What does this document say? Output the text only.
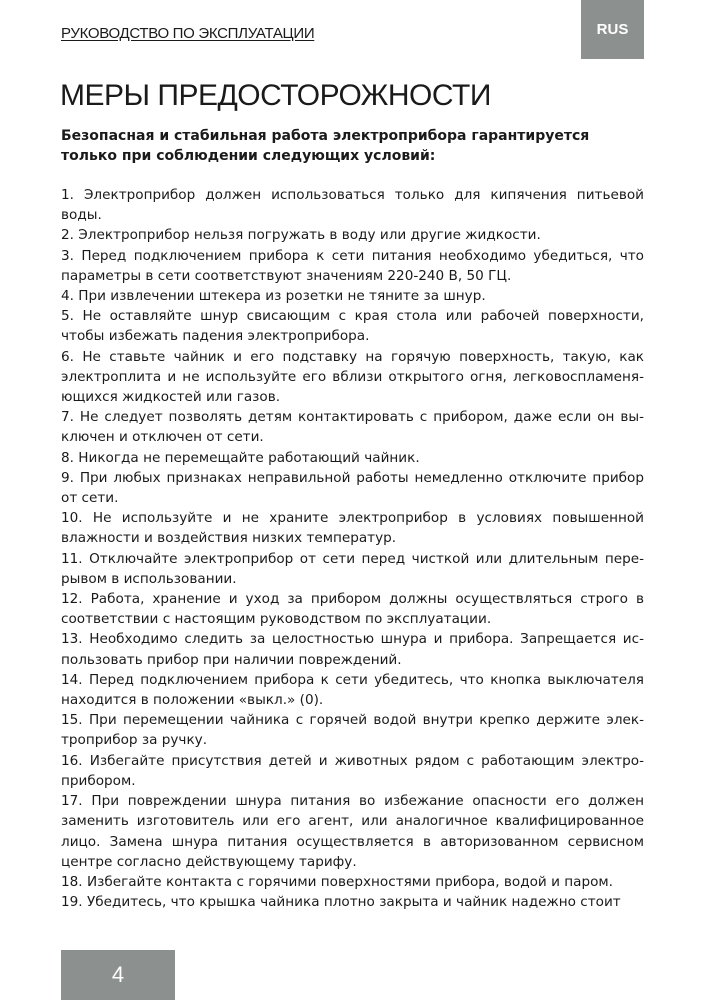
РУКОВОДСТВО ПО ЭКСПЛУАТАЦИИ	RUS
МЕРЫ ПРЕДОСТОРОЖНОСТИ

Безопасная и стабильная работа электроприбора гарантируется только при соблюдении следующих условий:

1. Электроприбор должен использоваться только для кипячения питьевой воды.
2. Электроприбор нельзя погружать в воду или другие жидкости.
3. Перед подключением прибора к сети питания необходимо убедиться, что параметры в сети соответствуют значениям 220-240 В, 50 ГЦ.
4. При извлечении штекера из розетки не тяните за шнур.
5. Не оставляйте шнур свисающим с края стола или рабочей поверхности, чтобы избежать падения электроприбора.
6. Не ставьте чайник и его подставку на горячую поверхность, такую, как электроплита и не используйте его вблизи открытого огня, легковоспламеняющихся жидкостей или газов.
7. Не следует позволять детям контактировать с прибором, даже если он выключен и отключен от сети.
8. Никогда не перемещайте работающий чайник.
9. При любых признаках неправильной работы немедленно отключите прибор от сети.
10. Не используйте и не храните электроприбор в условиях повышенной влажности и воздействия низких температур.
11. Отключайте электроприбор от сети перед чисткой или длительным перерывом в использовании.
12. Работа, хранение и уход за прибором должны осуществляться строго в соответствии с настоящим руководством по эксплуатации.
13. Необходимо следить за целостностью шнура и прибора. Запрещается использовать прибор при наличии повреждений.
14. Перед подключением прибора к сети убедитесь, что кнопка выключателя находится в положении «выкл.» (0).
15. При перемещении чайника с горячей водой внутри крепко держите электроприбор за ручку.
16. Избегайте присутствия детей и животных рядом с работающим электроприбором.
17. При повреждении шнура питания во избежание опасности его должен заменить изготовитель или его агент, или аналогичное квалифицированное лицо. Замена шнура питания осуществляется в авторизованном сервисном центре согласно действующему тарифу.
18. Избегайте контакта с горячими поверхностями прибора, водой и паром.
19. Убедитесь, что крышка чайника плотно закрыта и чайник надежно стоит
4
